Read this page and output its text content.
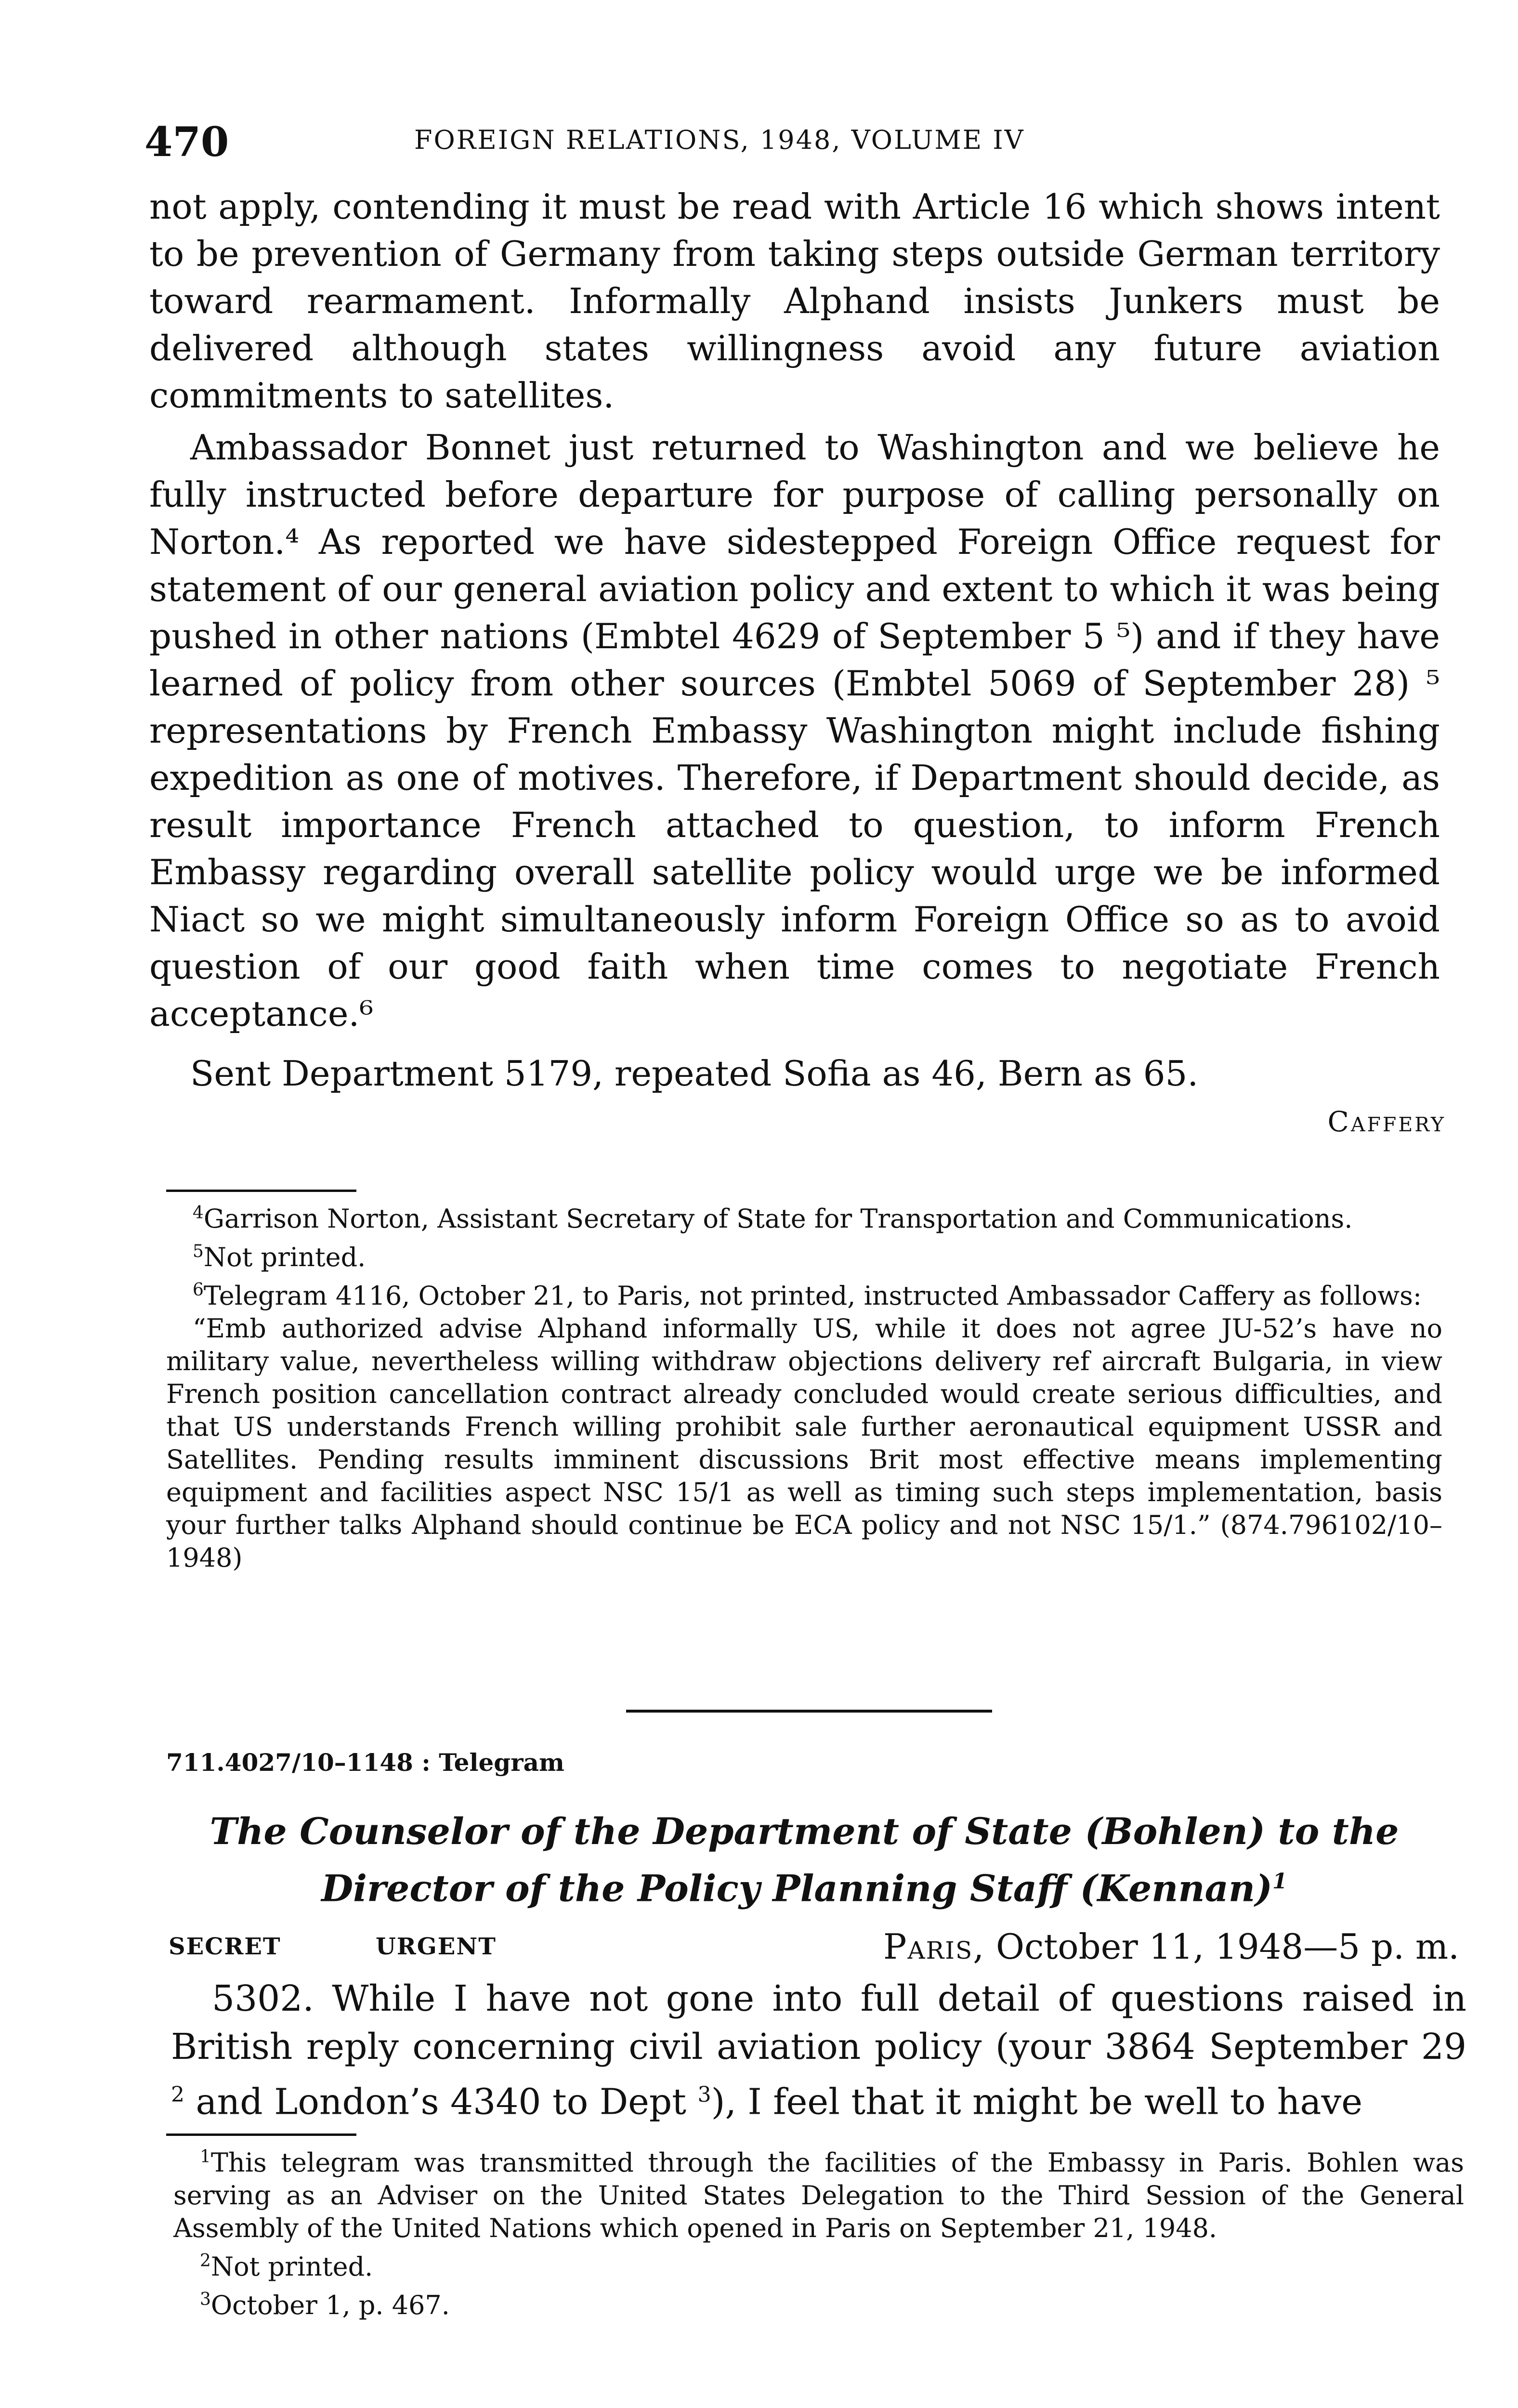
470	FOREIGN RELATIONS, 1948, VOLUME IV

not apply, contending it must be read with Article 16 which shows intent to be prevention of Germany from taking steps outside German territory toward rearmament. Informally Alphand insists Junkers must be delivered although states willingness avoid any future aviation commitments to satellites.

Ambassador Bonnet just returned to Washington and we believe he fully instructed before departure for purpose of calling personally on Norton.⁴ As reported we have sidestepped Foreign Office request for statement of our general aviation policy and extent to which it was being pushed in other nations (Embtel 4629 of September 5 ⁵) and if they have learned of policy from other sources (Embtel 5069 of September 28) ⁵ representations by French Embassy Washington might include fishing expedition as one of motives. Therefore, if Department should decide, as result importance French attached to question, to inform French Embassy regarding overall satellite policy would urge we be informed Niact so we might simultaneously inform Foreign Office so as to avoid question of our good faith when time comes to negotiate French acceptance.⁶

Sent Department 5179, repeated Sofia as 46, Bern as 65.

Caffery

$^4$Garrison Norton, Assistant Secretary of State for Transportation and Communications.

$^5$Not printed.

$^6$Telegram 4116, October 21, to Paris, not printed, instructed Ambassador Caffery as follows:

“Emb authorized advise Alphand informally US, while it does not agree JU-52’s have no military value, nevertheless willing withdraw objections delivery ref aircraft Bulgaria, in view French position cancellation contract already concluded would create serious difficulties, and that US understands French willing prohibit sale further aeronautical equipment USSR and Satellites. Pending results imminent discussions Brit most effective means implementing equipment and facilities aspect NSC 15/1 as well as timing such steps implementation, basis your further talks Alphand should continue be ECA policy and not NSC 15/1.” (874.796102/10–1948)

711.4027/10–1148 : Telegram
The Counselor of the Department of State (Bohlen) to the Director of the Policy Planning Staff (Kennan)$^1$
SECRET	URGENT	Paris, October 11, 1948—5 p. m.

5302. While I have not gone into full detail of questions raised in British reply concerning civil aviation policy (your 3864 September 29 $^2$ and London’s 4340 to Dept $^3$), I feel that it might be well to have

$^1$This telegram was transmitted through the facilities of the Embassy in Paris. Bohlen was serving as an Adviser on the United States Delegation to the Third Session of the General Assembly of the United Nations which opened in Paris on September 21, 1948.

$^2$Not printed.

$^3$October 1, p. 467.
